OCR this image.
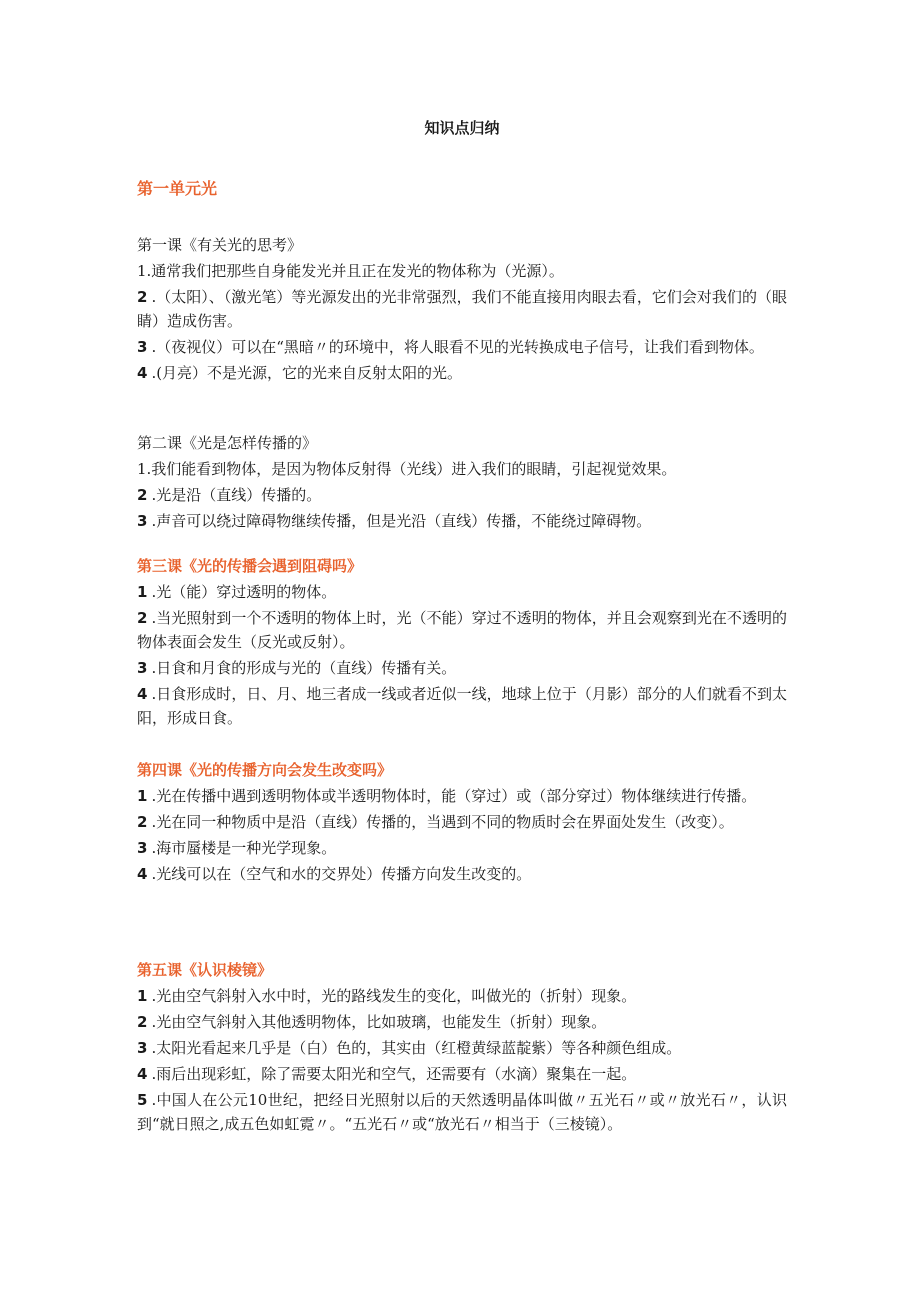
知识点归纳
第一单元光
第一课《有关光的思考》
1.通常我们把那些自身能发光并且正在发光的物体称为（光源）。
2 .（太阳）、（激光笔）等光源发出的光非常强烈，我们不能直接用肉眼去看，它们会对我们的（眼睛）造成伤害。
3 .（夜视仪）可以在“黑暗〃的环境中，将人眼看不见的光转换成电子信号，让我们看到物体。
4 .(月亮）不是光源，它的光来自反射太阳的光。
第二课《光是怎样传播的》
1.我们能看到物体，是因为物体反射得（光线）进入我们的眼睛，引起视觉效果。
2 .光是沿（直线）传播的。
3 .声音可以绕过障碍物继续传播，但是光沿（直线）传播，不能绕过障碍物。
第三课《光的传播会遇到阻碍吗》
1 .光（能）穿过透明的物体。
2 .当光照射到一个不透明的物体上时，光（不能）穿过不透明的物体，并且会观察到光在不透明的物体表面会发生（反光或反射）。
3 .日食和月食的形成与光的（直线）传播有关。
4 .日食形成时，日、月、地三者成一线或者近似一线，地球上位于（月影）部分的人们就看不到太阳，形成日食。
第四课《光的传播方向会发生改变吗》
1 .光在传播中遇到透明物体或半透明物体时，能（穿过）或（部分穿过）物体继续进行传播。
2 .光在同一种物质中是沿（直线）传播的，当遇到不同的物质时会在界面处发生（改变）。
3 .海市蜃楼是一种光学现象。
4 .光线可以在（空气和水的交界处）传播方向发生改变的。
第五课《认识棱镜》
1 .光由空气斜射入水中时，光的路线发生的变化，叫做光的（折射）现象。
2 .光由空气斜射入其他透明物体，比如玻璃，也能发生（折射）现象。
3 .太阳光看起来几乎是（白）色的，其实由（红橙黄绿蓝靛紫）等各种颜色组成。
4 .雨后出现彩虹，除了需要太阳光和空气，还需要有（水滴）聚集在一起。
5 .中国人在公元10世纪，把经日光照射以后的天然透明晶体叫做〃五光石〃或〃放光石〃，认识到“就日照之,成五色如虹霓〃。“五光石〃或“放光石〃相当于（三棱镜）。
